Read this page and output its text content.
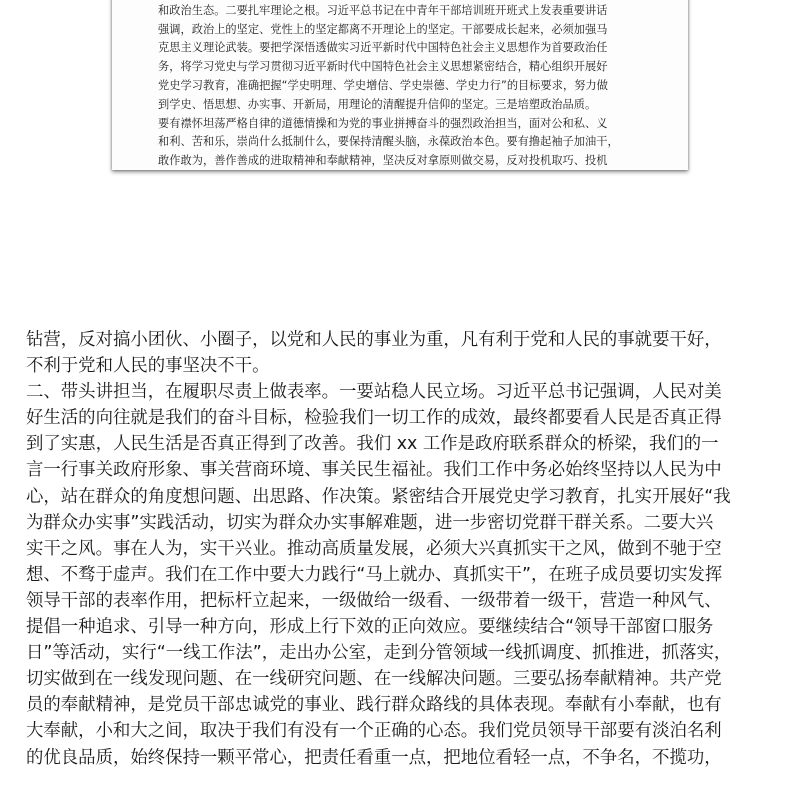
和政治生态。二要扎牢理论之根。习近平总书记在中青年干部培训班开班式上发表重要讲话
强调，政治上的坚定、党性上的坚定都离不开理论上的坚定。干部要成长起来，必须加强马
克思主义理论武装。要把学深悟透做实习近平新时代中国特色社会主义思想作为首要政治任
务，将学习党史与学习贯彻习近平新时代中国特色社会主义思想紧密结合，精心组织开展好
党史学习教育，准确把握“学史明理、学史增信、学史崇德、学史力行”的目标要求，努力做
到学史、悟思想、办实事、开新局，用理论的清醒提升信仰的坚定。三是培塑政治品质。
要有襟怀坦荡严格自律的道德情操和为党的事业拼搏奋斗的强烈政治担当，面对公和私、义
和利、苦和乐，崇尚什么抵制什么，要保持清醒头脑，永葆政治本色。要有撸起袖子加油干，
敢作敢为，善作善成的进取精神和奉献精神，坚决反对拿原则做交易，反对投机取巧、投机
钻营，反对搞小团伙、小圈子，以党和人民的事业为重，凡有利于党和人民的事就要干好，
不利于党和人民的事坚决不干。
二、带头讲担当，在履职尽责上做表率。一要站稳人民立场。习近平总书记强调，人民对美
好生活的向往就是我们的奋斗目标，检验我们一切工作的成效，最终都要看人民是否真正得
到了实惠，人民生活是否真正得到了改善。我们 xx 工作是政府联系群众的桥梁，我们的一
言一行事关政府形象、事关营商环境、事关民生福祉。我们工作中务必始终坚持以人民为中
心，站在群众的角度想问题、出思路、作决策。紧密结合开展党史学习教育，扎实开展好“我
为群众办实事”实践活动，切实为群众办实事解难题，进一步密切党群干群关系。二要大兴
实干之风。事在人为，实干兴业。推动高质量发展，必须大兴真抓实干之风，做到不驰于空
想、不骛于虚声。我们在工作中要大力践行“马上就办、真抓实干”，在班子成员要切实发挥
领导干部的表率作用，把标杆立起来，一级做给一级看、一级带着一级干，营造一种风气、
提倡一种追求、引导一种方向，形成上行下效的正向效应。要继续结合“领导干部窗口服务
日”等活动，实行“一线工作法”，走出办公室，走到分管领域一线抓调度、抓推进，抓落实，
切实做到在一线发现问题、在一线研究问题、在一线解决问题。三要弘扬奉献精神。共产党
员的奉献精神，是党员干部忠诚党的事业、践行群众路线的具体表现。奉献有小奉献，也有
大奉献，小和大之间，取决于我们有没有一个正确的心态。我们党员领导干部要有淡泊名利
的优良品质，始终保持一颗平常心，把责任看重一点，把地位看轻一点，不争名，不揽功，
